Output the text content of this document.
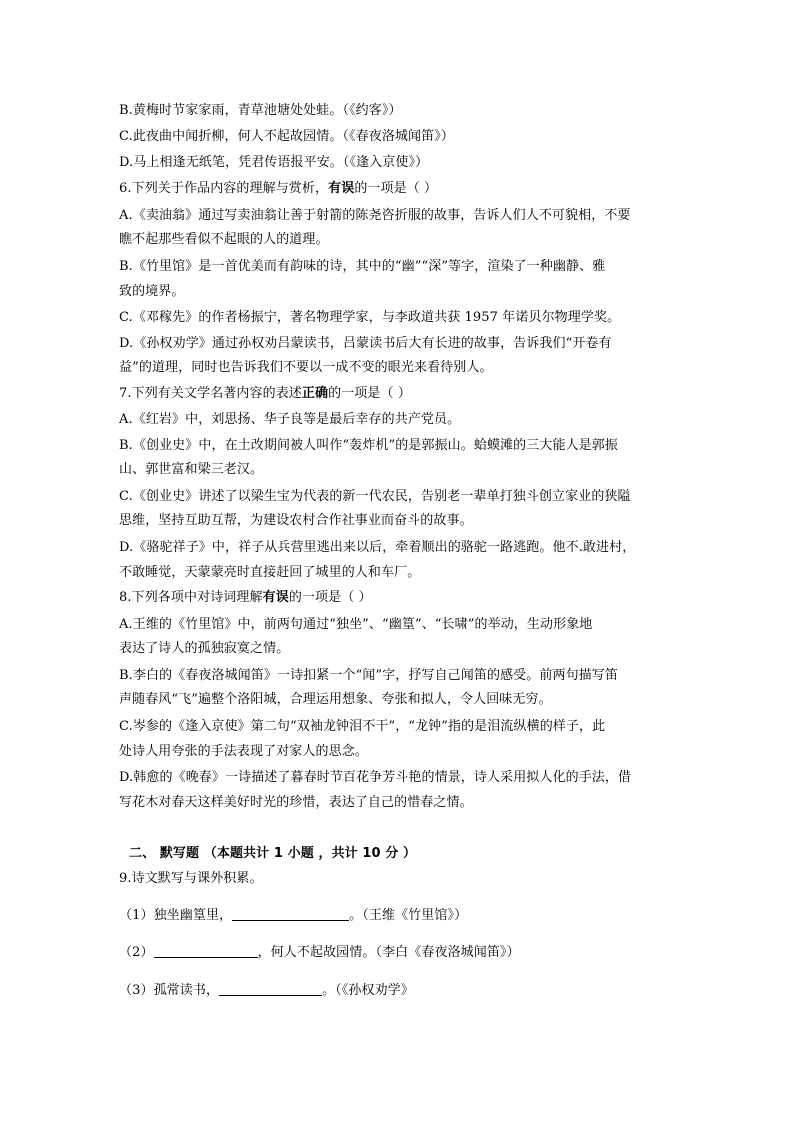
B.黄梅时节家家雨，青草池塘处处蛙。（《约客》）
C.此夜曲中闻折柳，何人不起故园情。（《春夜洛城闻笛》）
D.马上相逢无纸笔，凭君传语报平安。（《逢入京使》）
6.下列关于作品内容的理解与赏析，有误的一项是（ ）
A.《卖油翁》通过写卖油翁让善于射箭的陈尧咨折服的故事，告诉人们人不可貌相，不要
瞧不起那些看似不起眼的人的道理。
B.《竹里馆》是一首优美而有韵味的诗，其中的“幽”“深”等字，渲染了一种幽静、雅
致的境界。
C.《邓稼先》的作者杨振宁，著名物理学家，与李政道共获 1957 年诺贝尔物理学奖。
D.《孙权劝学》通过孙权劝吕蒙读书，吕蒙读书后大有长进的故事，告诉我们“开卷有
益”的道理，同时也告诉我们不要以一成不变的眼光来看待别人。
7.下列有关文学名著内容的表述正确的一项是（ ）
A.《红岩》中，刘思扬、华子良等是最后幸存的共产党员。
B.《创业史》中，在土改期间被人叫作“轰炸机”的是郭振山。蛤蟆滩的三大能人是郭振
山、郭世富和梁三老汉。
C.《创业史》讲述了以梁生宝为代表的新一代农民，告别老一辈单打独斗创立家业的狭隘
思维，坚持互助互帮，为建设农村合作社事业而奋斗的故事。
D.《骆驼祥子》中，祥子从兵营里逃出来以后，牵着顺出的骆驼一路逃跑。他不.敢进村，
不敢睡觉，天蒙蒙亮时直接赶回了城里的人和车厂。
8.下列各项中对诗词理解有误的一项是（ ）
A.王维的《竹里馆》中，前两句通过“独坐”、“幽篁”、“长啸”的举动，生动形象地
表达了诗人的孤独寂寞之情。
B.李白的《春夜洛城闻笛》一诗扣紧一个“闻”字，抒写自己闻笛的感受。前两句描写笛
声随春风“飞”遍整个洛阳城，合理运用想象、夸张和拟人，令人回味无穷。
C.岑参的《逢入京使》第二句“双袖龙钟泪不干”，“龙钟”指的是泪流纵横的样子，此
处诗人用夸张的手法表现了对家人的思念。
D.韩愈的《晚春》一诗描述了暮春时节百花争芳斗艳的情景，诗人采用拟人化的手法，借
写花木对春天这样美好时光的珍惜，表达了自己的惜春之情。
二、 默写题 （本题共计 1 小题 ，共计 10 分 ）
9.诗文默写与课外积累。
（1）独坐幽篁里，	。（王维《竹里馆》）
（2）	，何人不起故园情。（李白《春夜洛城闻笛》）
（3）孤常读书，	。（《孙权劝学》
